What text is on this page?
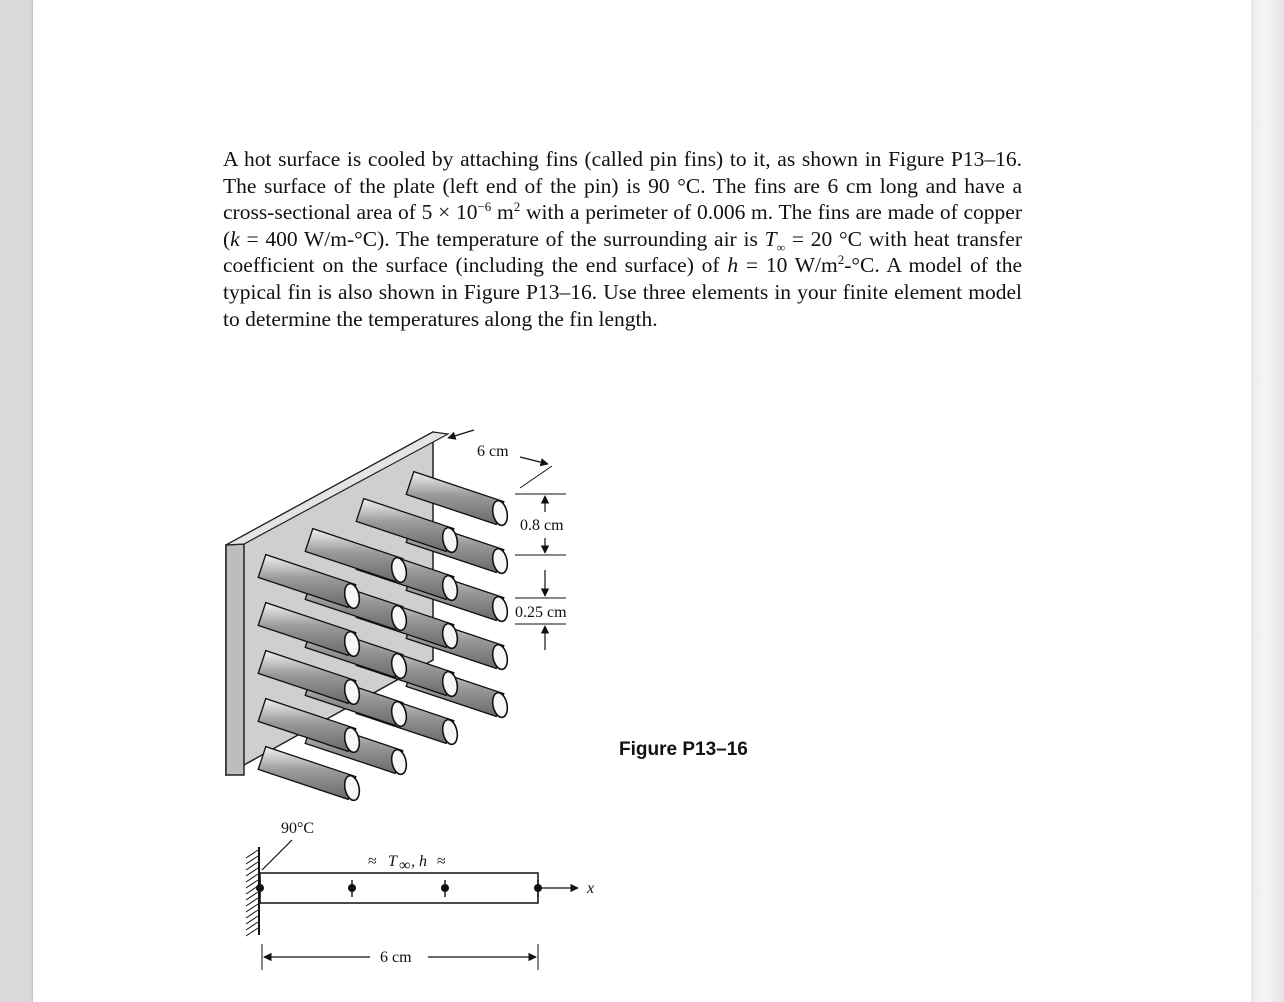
A hot surface is cooled by attaching fins (called pin fins) to it, as shown in Figure P13–16. The surface of the plate (left end of the pin) is 90 °C. The fins are 6 cm long and have a cross-sectional area of $5 \times 10^{-6}$ $m^2$ with a perimeter of 0.006 m. The fins are made of copper (k = 400 W/m-°C). The temperature of the surrounding air is $T_\infty = 20$ °C with heat transfer coefficient on the surface (including the end surface) of h = 10 $W/m^2-^\circ C$. A model of the typical fin is also shown in Figure P13–16. Use three elements in your finite element model to determine the temperatures along the fin length.

6 cm
0.8 cm
0.25 cm
90°C
x
≈ T ∞ , h ≈
6 cm
Figure P13–16
